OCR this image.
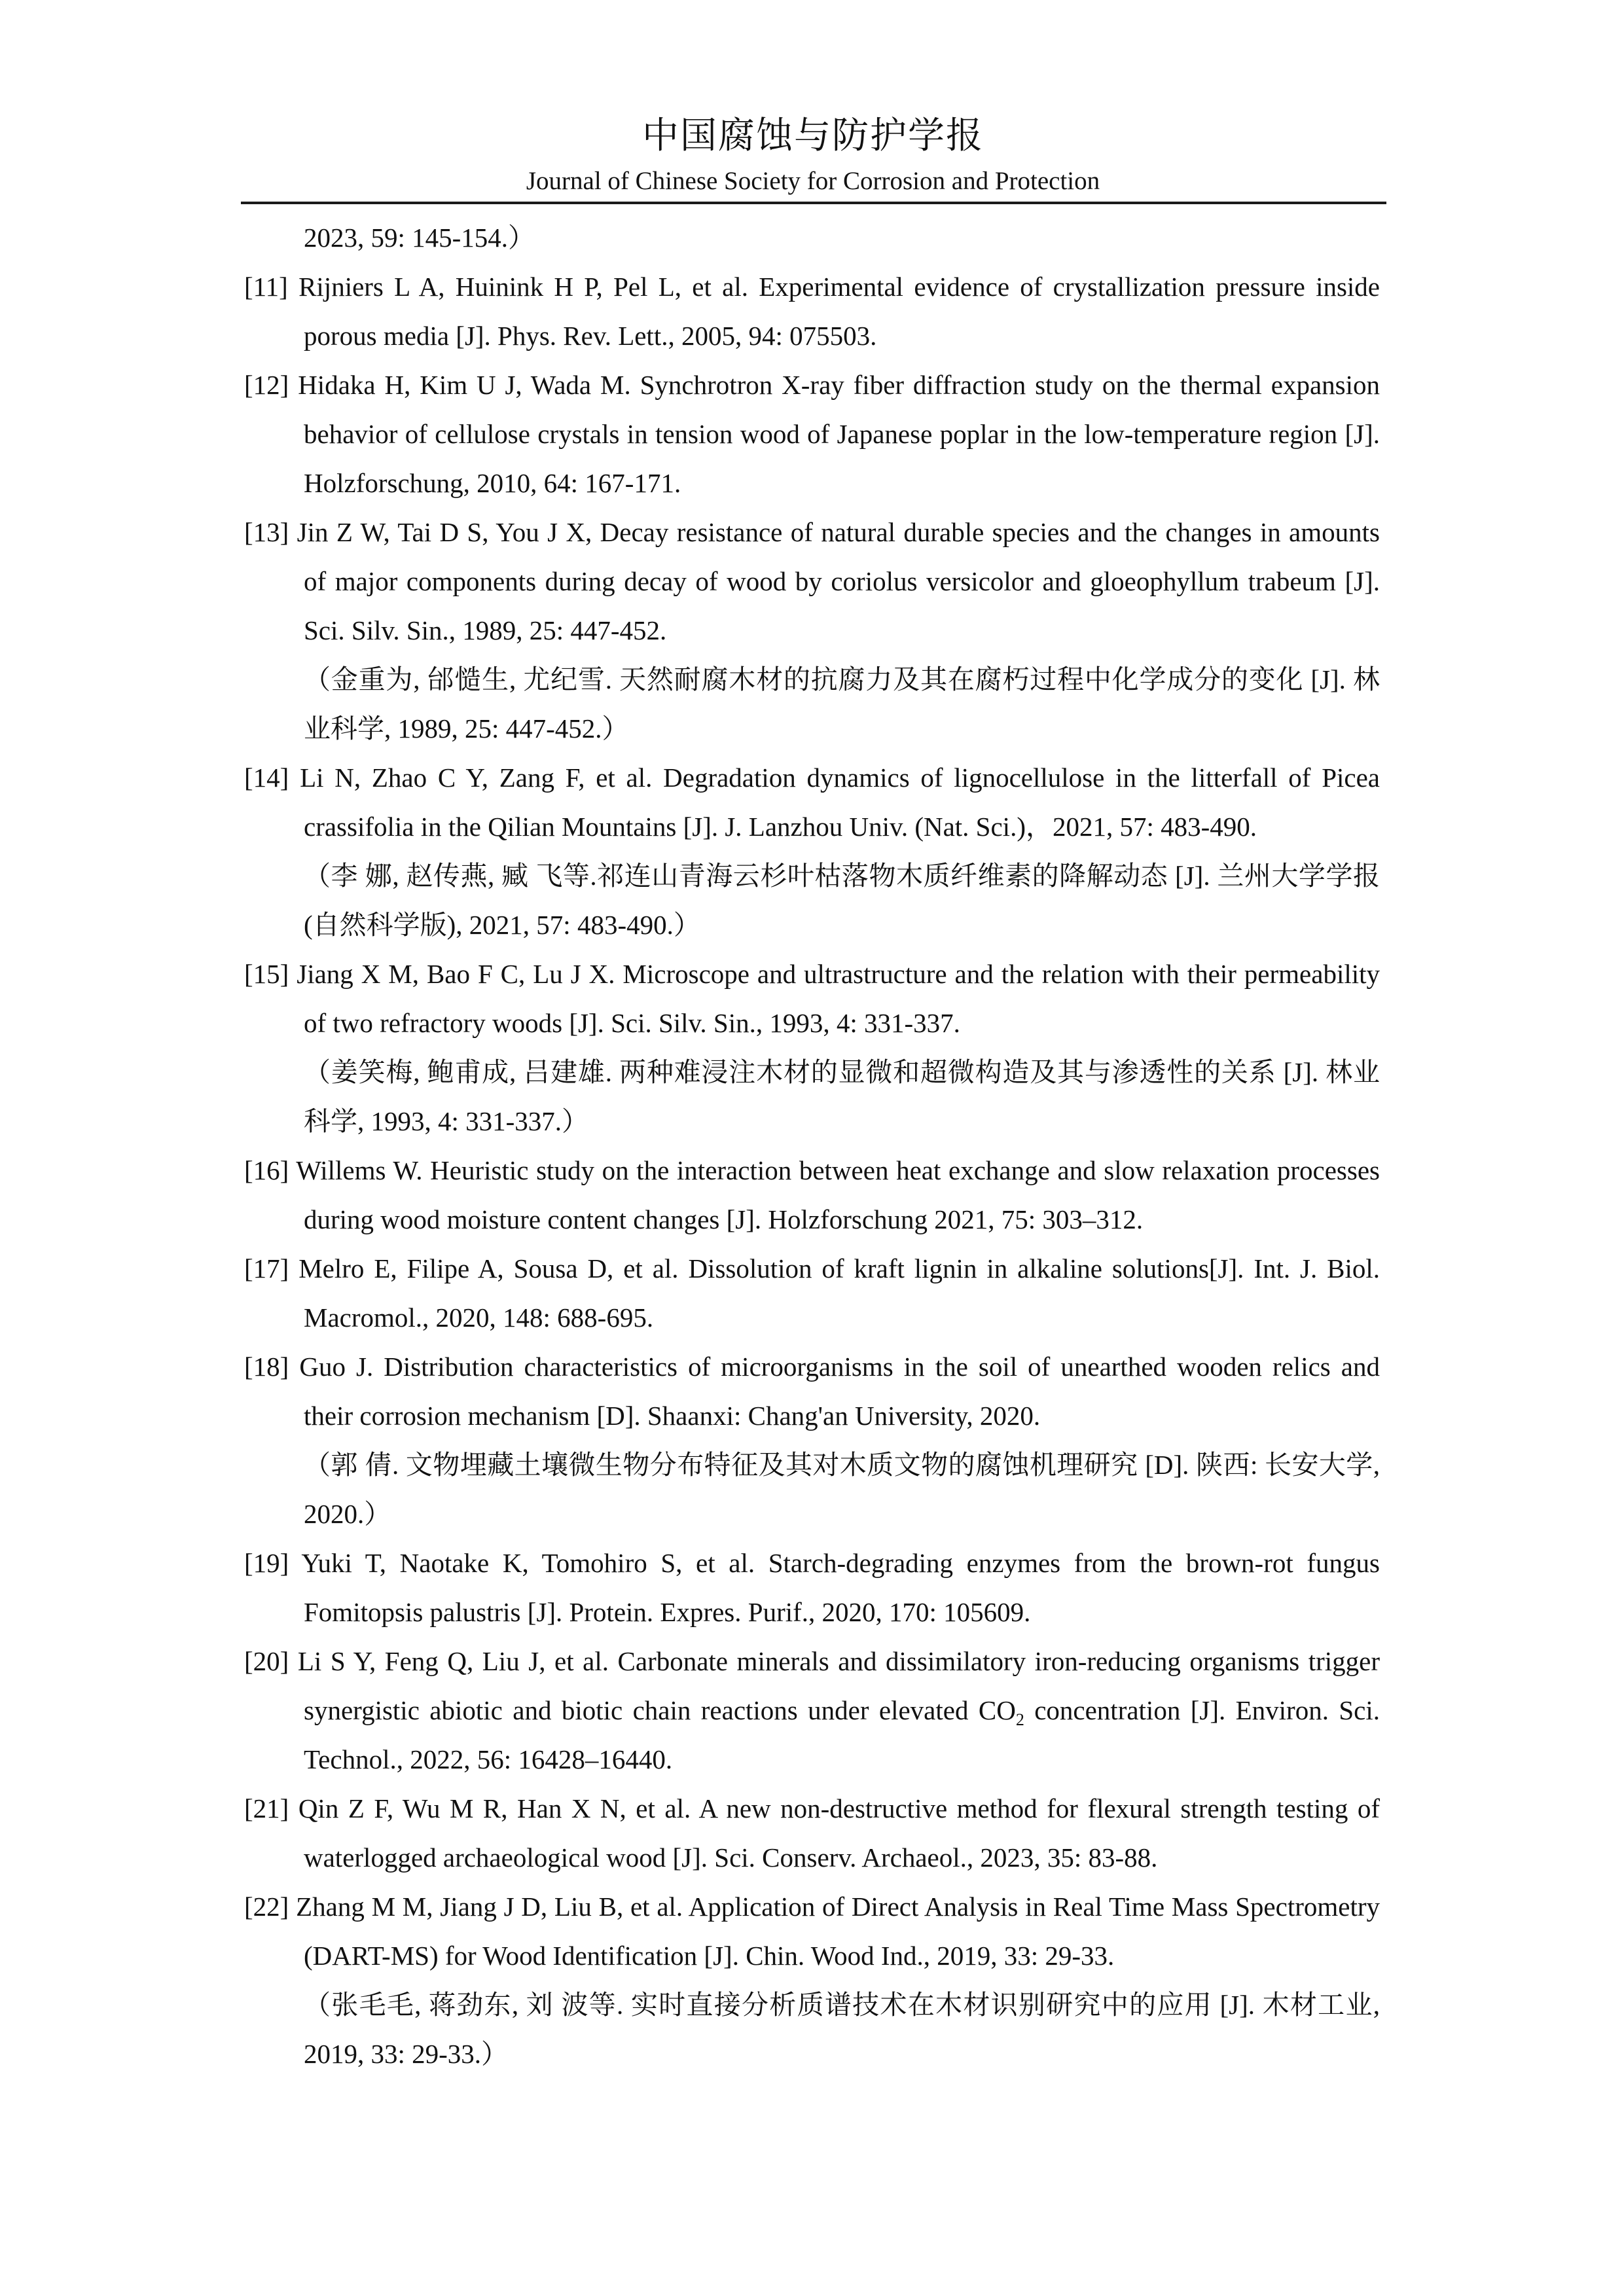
中国腐蚀与防护学报
Journal of Chinese Society for Corrosion and Protection
2023, 59: 145-154.）
[11] Rijniers L A, Huinink H P, Pel L, et al. Experimental evidence of crystallization pressure inside porous media [J]. Phys. Rev. Lett., 2005, 94: 075503.
[12] Hidaka H, Kim U J, Wada M. Synchrotron X-ray fiber diffraction study on the thermal expansion behavior of cellulose crystals in tension wood of Japanese poplar in the low-temperature region [J]. Holzforschung, 2010, 64: 167-171.
[13] Jin Z W, Tai D S, You J X, Decay resistance of natural durable species and the changes in amounts of major components during decay of wood by coriolus versicolor and gloeophyllum trabeum [J]. Sci. Silv. Sin., 1989, 25: 447-452.
（金重为, 邰慥生, 尤纪雪. 天然耐腐木材的抗腐力及其在腐朽过程中化学成分的变化 [J]. 林业科学, 1989, 25: 447-452.）
[14] Li N, Zhao C Y, Zang F, et al. Degradation dynamics of lignocellulose in the litterfall of Picea crassifolia in the Qilian Mountains [J]. J. Lanzhou Univ. (Nat. Sci.)，2021, 57: 483-490.
（李 娜, 赵传燕, 臧 飞等.祁连山青海云杉叶枯落物木质纤维素的降解动态 [J]. 兰州大学学报(自然科学版), 2021, 57: 483-490.）
[15] Jiang X M, Bao F C, Lu J X. Microscope and ultrastructure and the relation with their permeability of two refractory woods [J]. Sci. Silv. Sin., 1993, 4: 331-337.
（姜笑梅, 鲍甫成, 吕建雄. 两种难浸注木材的显微和超微构造及其与渗透性的关系 [J]. 林业科学, 1993, 4: 331-337.）
[16] Willems W. Heuristic study on the interaction between heat exchange and slow relaxation processes during wood moisture content changes [J]. Holzforschung 2021, 75: 303–312.
[17] Melro E, Filipe A, Sousa D, et al. Dissolution of kraft lignin in alkaline solutions[J]. Int. J. Biol. Macromol., 2020, 148: 688-695.
[18] Guo J. Distribution characteristics of microorganisms in the soil of unearthed wooden relics and their corrosion mechanism [D]. Shaanxi: Chang'an University, 2020.
（郭 倩. 文物埋藏土壤微生物分布特征及其对木质文物的腐蚀机理研究 [D]. 陕西: 长安大学, 2020.）
[19] Yuki T, Naotake K, Tomohiro S, et al. Starch-degrading enzymes from the brown-rot fungus Fomitopsis palustris [J]. Protein. Expres. Purif., 2020, 170: 105609.
[20] Li S Y, Feng Q, Liu J, et al. Carbonate minerals and dissimilatory iron-reducing organisms trigger synergistic abiotic and biotic chain reactions under elevated $CO_2$ concentration [J]. Environ. Sci. Technol., 2022, 56: 16428–16440.
[21] Qin Z F, Wu M R, Han X N, et al. A new non-destructive method for flexural strength testing of waterlogged archaeological wood [J]. Sci. Conserv. Archaeol., 2023, 35: 83-88.
[22] Zhang M M, Jiang J D, Liu B, et al. Application of Direct Analysis in Real Time Mass Spectrometry (DART-MS) for Wood Identification [J]. Chin. Wood Ind., 2019, 33: 29-33.
（张毛毛, 蒋劲东, 刘 波等. 实时直接分析质谱技术在木材识别研究中的应用 [J]. 木材工业, 2019, 33: 29-33.）
